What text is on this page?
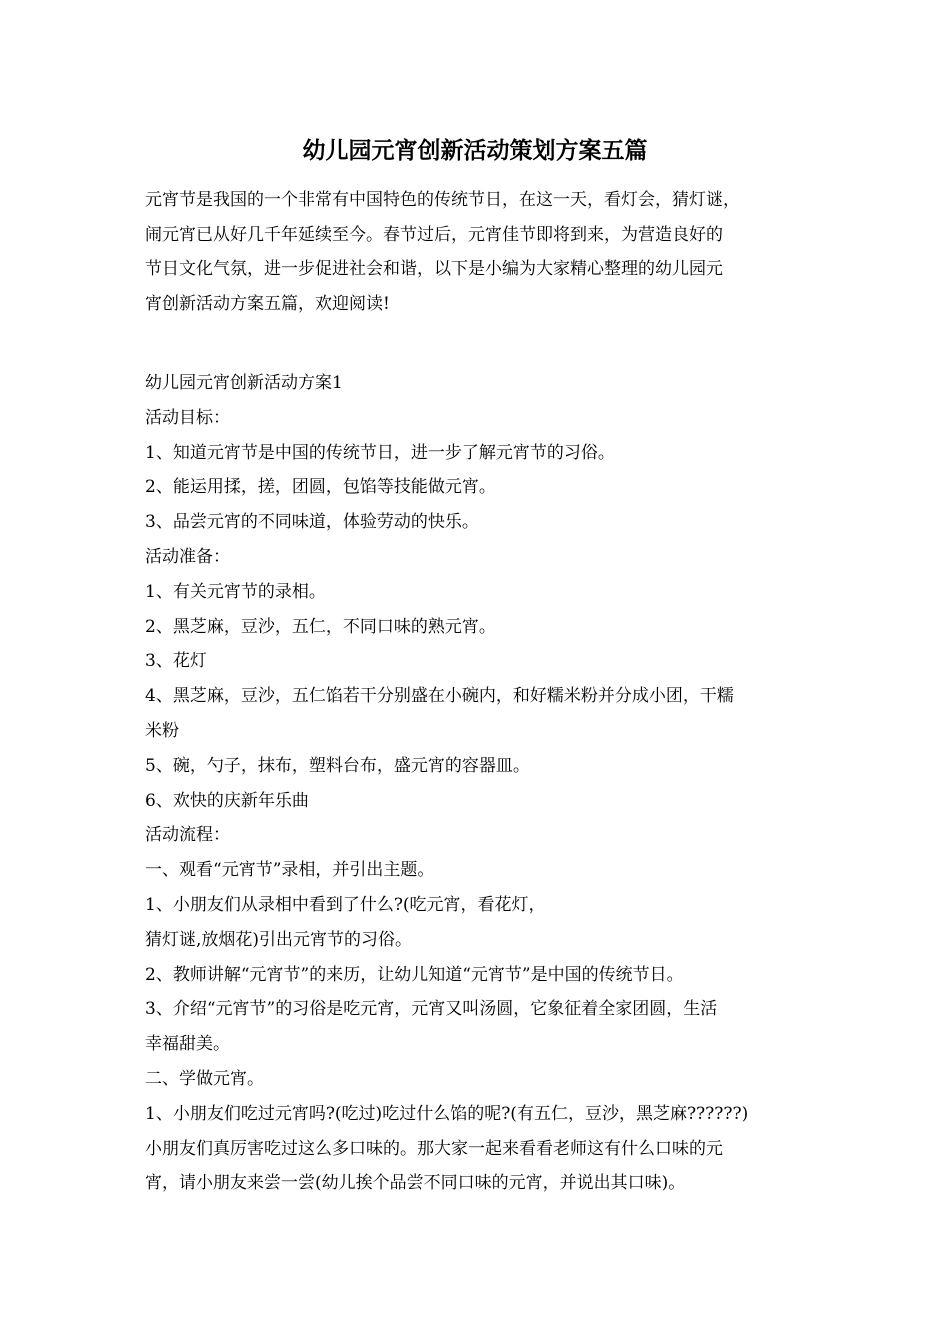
幼儿园元宵创新活动策划方案五篇
元宵节是我国的一个非常有中国特色的传统节日，在这一天，看灯会，猜灯谜，
闹元宵已从好几千年延续至今。春节过后，元宵佳节即将到来，为营造良好的
节日文化气氛，进一步促进社会和谐，以下是小编为大家精心整理的幼儿园元
宵创新活动方案五篇，欢迎阅读!
幼儿园元宵创新活动方案1
活动目标：
1、知道元宵节是中国的传统节日，进一步了解元宵节的习俗。
2、能运用揉，搓，团圆，包馅等技能做元宵。
3、品尝元宵的不同味道，体验劳动的快乐。
活动准备：
1、有关元宵节的录相。
2、黑芝麻，豆沙，五仁，不同口味的熟元宵。
3、花灯
4、黑芝麻，豆沙，五仁馅若干分别盛在小碗内，和好糯米粉并分成小团，干糯
米粉
5、碗，勺子，抹布，塑料台布，盛元宵的容器皿。
6、欢快的庆新年乐曲
活动流程：
一、观看“元宵节”录相，并引出主题。
1、小朋友们从录相中看到了什么?(吃元宵，看花灯，
猜灯谜,放烟花)引出元宵节的习俗。
2、教师讲解“元宵节”的来历，让幼儿知道“元宵节”是中国的传统节日。
3、介绍“元宵节”的习俗是吃元宵，元宵又叫汤圆，它象征着全家团圆，生活
幸福甜美。
二、学做元宵。
1、小朋友们吃过元宵吗?(吃过)吃过什么馅的呢?(有五仁，豆沙，黑芝麻??????)
小朋友们真厉害吃过这么多口味的。那大家一起来看看老师这有什么口味的元
宵，请小朋友来尝一尝(幼儿挨个品尝不同口味的元宵，并说出其口味)。
